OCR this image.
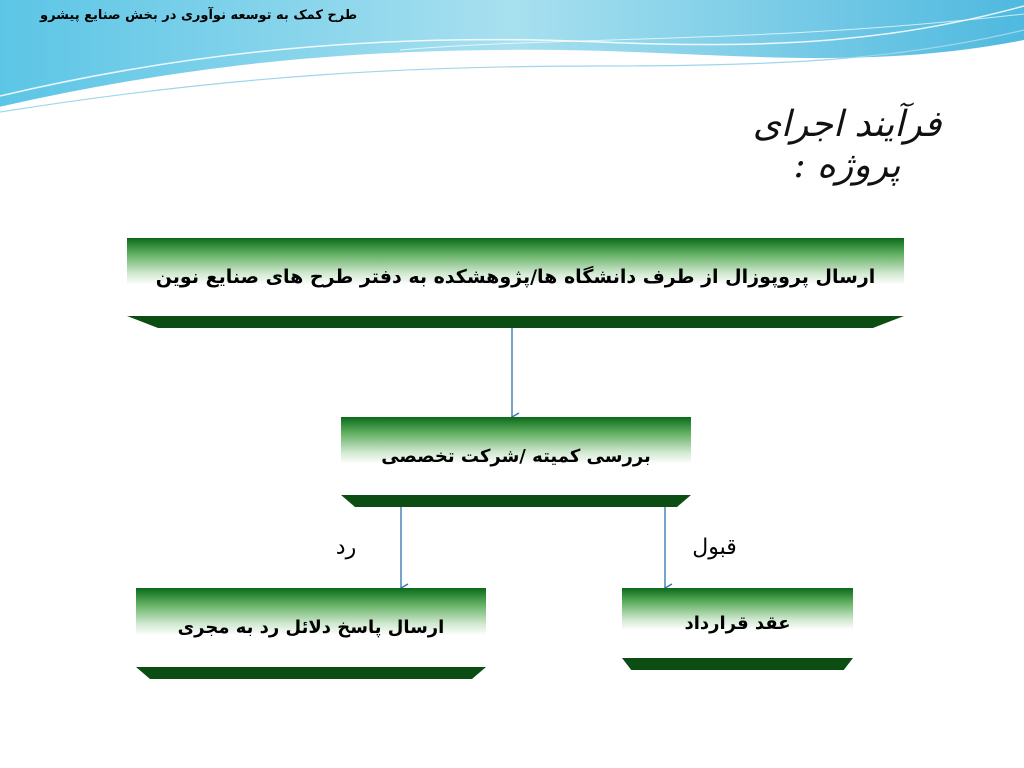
طرح کمک به توسعه نوآوری در بخش صنایع پیشرو
فرآیند اجرای پروژه :
ارسال پروپوزال از طرف دانشگاه ها/پژوهشکده به دفتر طرح های صنایع نوین
بررسی کمیته /شرکت تخصصی
رد	قبول
ارسال پاسخ دلائل رد به مجری	عقد قرارداد
